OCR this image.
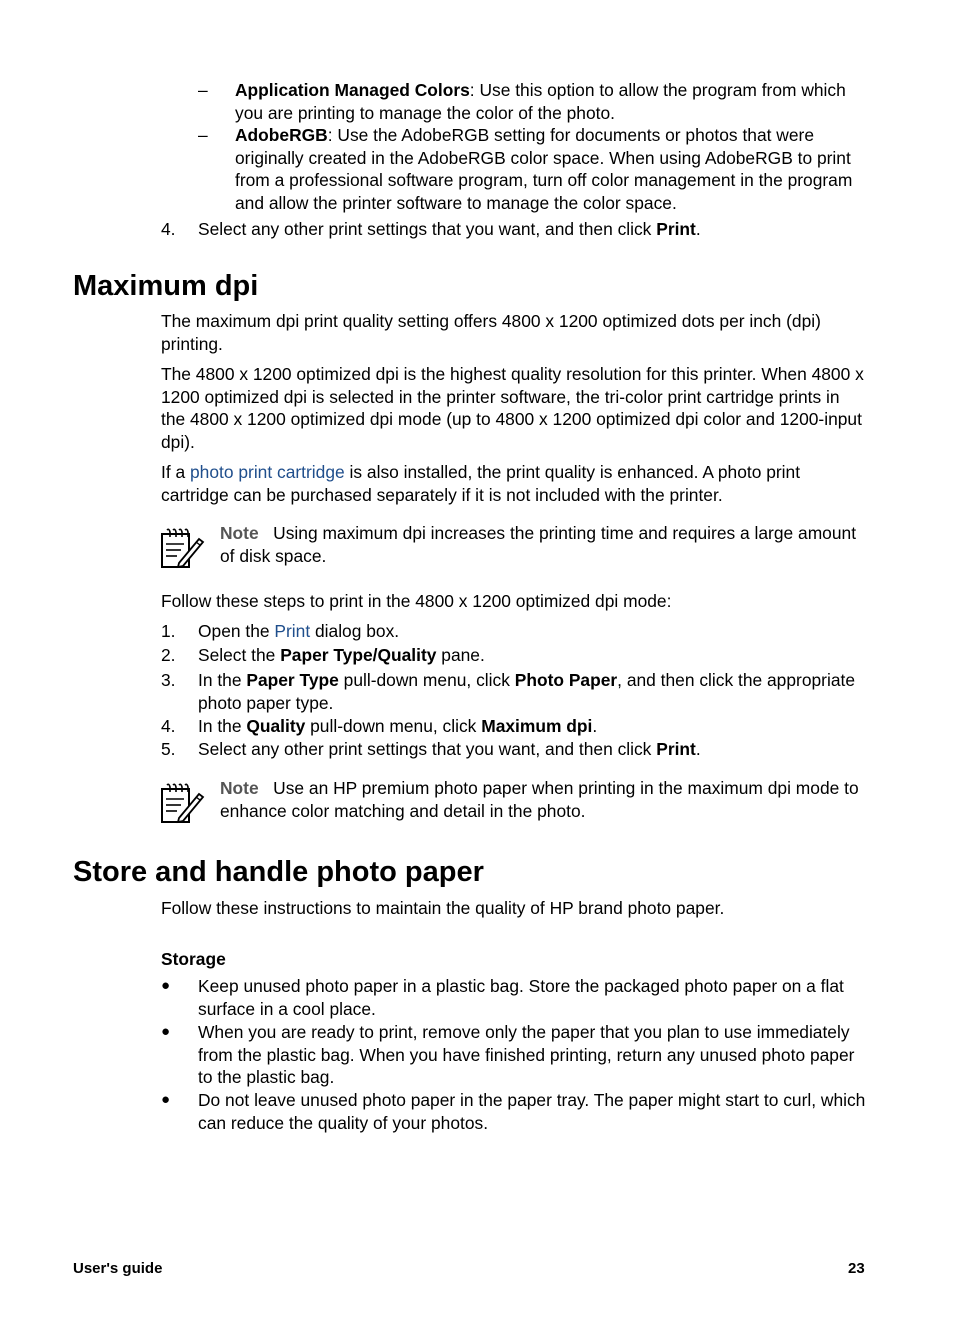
– Application Managed Colors: Use this option to allow the program from which you are printing to manage the color of the photo.
– AdobeRGB: Use the AdobeRGB setting for documents or photos that were originally created in the AdobeRGB color space. When using AdobeRGB to print from a professional software program, turn off color management in the program and allow the printer software to manage the color space.
4. Select any other print settings that you want, and then click Print.
Maximum dpi

The maximum dpi print quality setting offers 4800 x 1200 optimized dots per inch (dpi) printing.

The 4800 x 1200 optimized dpi is the highest quality resolution for this printer. When 4800 x 1200 optimized dpi is selected in the printer software, the tri-color print cartridge prints in the 4800 x 1200 optimized dpi mode (up to 4800 x 1200 optimized dpi color and 1200-input dpi).

If a photo print cartridge is also installed, the print quality is enhanced. A photo print cartridge can be purchased separately if it is not included with the printer.

Note Using maximum dpi increases the printing time and requires a large amount of disk space.

Follow these steps to print in the 4800 x 1200 optimized dpi mode:

1. Open the Print dialog box.
2. Select the Paper Type/Quality pane.
3. In the Paper Type pull-down menu, click Photo Paper, and then click the appropriate photo paper type.
4. In the Quality pull-down menu, click Maximum dpi.
5. Select any other print settings that you want, and then click Print.
Note Use an HP premium photo paper when printing in the maximum dpi mode to enhance color matching and detail in the photo.
Store and handle photo paper

Follow these instructions to maintain the quality of HP brand photo paper.

Storage

● Keep unused photo paper in a plastic bag. Store the packaged photo paper on a flat surface in a cool place.
● When you are ready to print, remove only the paper that you plan to use immediately from the plastic bag. When you have finished printing, return any unused photo paper to the plastic bag.
● Do not leave unused photo paper in the paper tray. The paper might start to curl, which can reduce the quality of your photos.
User's guide	23
